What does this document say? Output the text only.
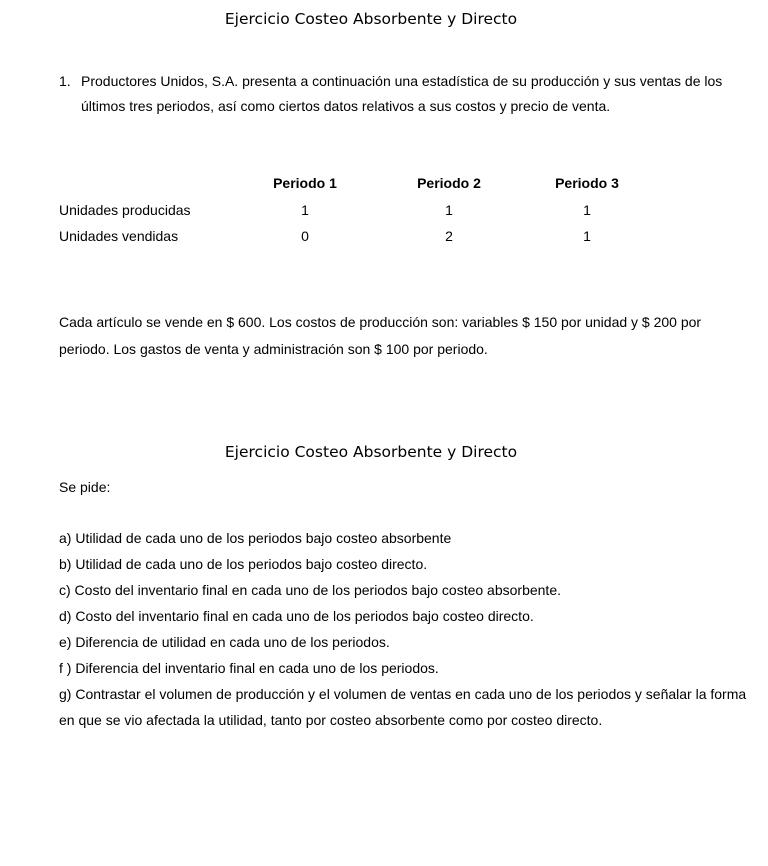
Ejercicio Costeo Absorbente y Directo
1. Productores Unidos, S.A. presenta a continuación una estadística de su producción y sus ventas de los últimos tres periodos, así como ciertos datos relativos a sus costos y precio de venta.
	Periodo 1	Periodo 2	Periodo 3
Unidades producidas	1	1	1
Unidades vendidas	0	2	1
Cada artículo se vende en $ 600. Los costos de producción son: variables $ 150 por unidad y $ 200 por periodo. Los gastos de venta y administración son $ 100 por periodo.
Ejercicio Costeo Absorbente y Directo
Se pide:
a) Utilidad de cada uno de los periodos bajo costeo absorbente
b) Utilidad de cada uno de los periodos bajo costeo directo.
c) Costo del inventario final en cada uno de los periodos bajo costeo absorbente.
d) Costo del inventario final en cada uno de los periodos bajo costeo directo.
e) Diferencia de utilidad en cada uno de los periodos.
f ) Diferencia del inventario final en cada uno de los periodos.
g) Contrastar el volumen de producción y el volumen de ventas en cada uno de los periodos y señalar la forma en que se vio afectada la utilidad, tanto por costeo absorbente como por costeo directo.
